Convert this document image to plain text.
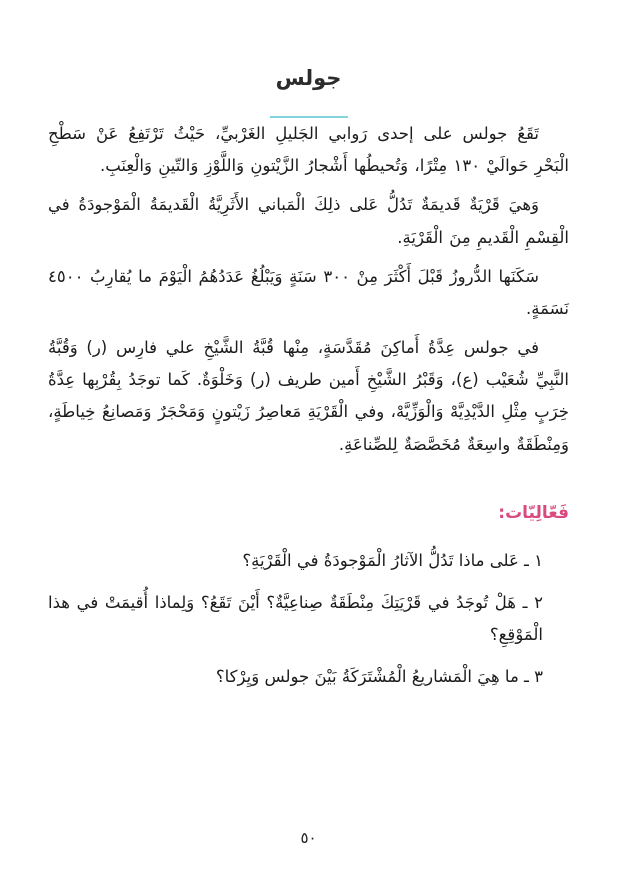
جولس

تَقَعُ جولس على إحدى رَوابي الجَليلِ الغَرْبيِّ، حَيْثُ تَرْتَفِعُ عَنْ سَطْحِ الْبَحْرِ حَوالَيْ ١٣٠ مِتْرًا، وَتُحيطُها أَشْجارُ الزَّيْتونِ وَاللَّوْزِ وَالتّينِ وَالْعِنَبِ.

وَهيَ قَرْيَةٌ قَديمَةٌ تَدُلُّ عَلى ذلِكَ الْمَباني الأَثَرِيَّةُ الْقَديمَةُ الْمَوْجودَةُ في الْقِسْمِ الْقَديمِ مِنَ الْقَرْيَةِ.

سَكَنَها الدُّروزُ قَبْلَ أَكْثَرَ مِنْ ٣٠٠ سَنَةٍ وَيَبْلُغُ عَدَدُهُمُ الْيَوْمَ ما يُقارِبُ ٤٥٠٠ نَسَمَةٍ.

في جولس عِدَّةُ أَماكِنَ مُقَدَّسَةٍ، مِنْها قُبَّةُ الشَّيْخِ علي فارِس (ر) وَقُبَّةُ النَّبِيِّ شُعَيْب (ع)، وَقَبْرُ الشَّيْخِ أَمين طريف (ر) وَخَلْوَةٌ. كَما توجَدُ بِقُرْبِها عِدَّةُ خِرَبٍ مِثْلِ الدَّيْدِيَّهْ وَالْوَزِّيَّهْ، وفي الْقَرْيَةِ مَعاصِرُ زَيْتونٍ وَمَحْجَرٌ وَمَصانِعُ خِياطَةٍ، وَمِنْطَقَةٌ واسِعَةٌ مُخَصَّصَةٌ لِلصِّناعَةِ.

فَعّالِيّات:

١ ـ عَلى ماذا تَدُلُّ الآثارُ الْمَوْجودَةُ في الْقَرْيَةِ؟

٢ ـ هَلْ تُوجَدُ في قَرْيَتِكَ مِنْطَقَةٌ صِناعِيَّةٌ؟ أَيْنَ تَقَعُ؟ وَلِماذا أُقيمَتْ في هذا الْمَوْقِعِ؟

٣ ـ ما هِيَ الْمَشاريعُ الْمُشْتَرَكَةُ بَيْنَ جولس وَيِرْكا؟

٥٠
